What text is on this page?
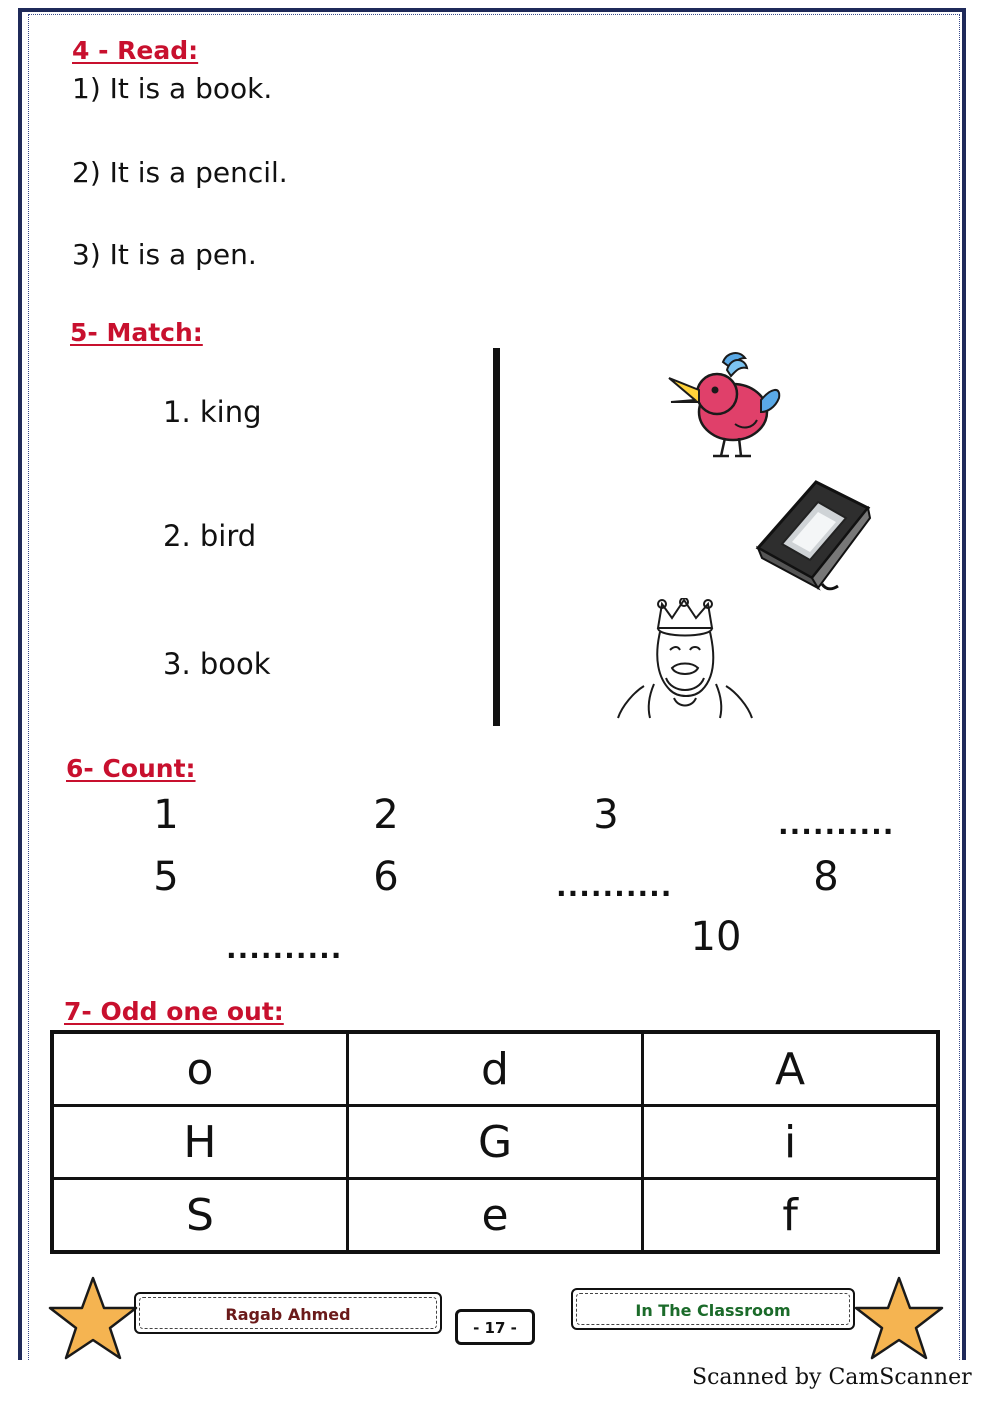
4 - Read:
1) It is a book.
2) It is a pencil.
3) It is a pen.
5- Match:
1. king
2. bird
3. book
6- Count:
1	2	3	..........
5	6	..........	8
..........	10
7- Odd one out:
o	d	A
H	G	i
S	e	f
Ragab Ahmed
- 17 -
In The Classroom
Scanned by CamScanner
